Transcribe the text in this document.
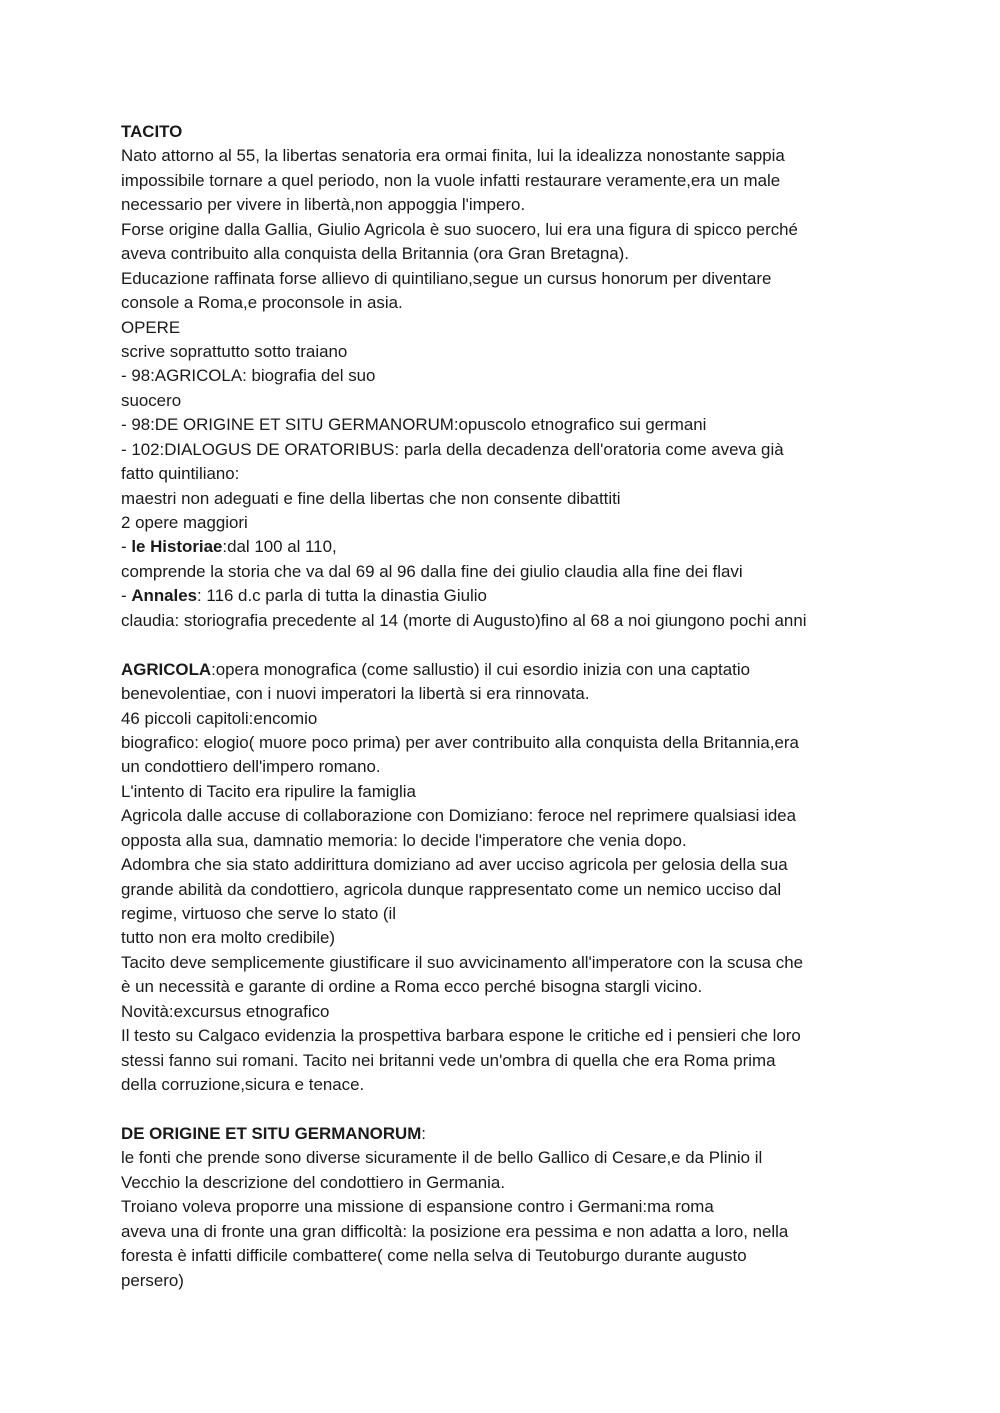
TACITO
Nato attorno al 55, la libertas senatoria era ormai finita, lui la idealizza nonostante sappia
impossibile tornare a quel periodo, non la vuole infatti restaurare veramente,era un male
necessario per vivere in libertà,non appoggia l'impero.
Forse origine dalla Gallia, Giulio Agricola è suo suocero, lui era una figura di spicco perché
aveva contribuito alla conquista della Britannia (ora Gran Bretagna).
Educazione raffinata forse allievo di quintiliano,segue un cursus honorum per diventare
console a Roma,e proconsole in asia.
OPERE
scrive soprattutto sotto traiano
- 98:AGRICOLA: biografia del suo
suocero
- 98:DE ORIGINE ET SITU GERMANORUM:opuscolo etnografico sui germani
- 102:DIALOGUS DE ORATORIBUS: parla della decadenza dell'oratoria come aveva già
fatto quintiliano:
maestri non adeguati e fine della libertas che non consente dibattiti
2 opere maggiori
- le Historiae:dal 100 al 110,
comprende la storia che va dal 69 al 96 dalla fine dei giulio claudia alla fine dei flavi
- Annales: 116 d.c parla di tutta la dinastia Giulio
claudia: storiografia precedente al 14 (morte di Augusto)fino al 68 a noi giungono pochi anni
AGRICOLA:opera monografica (come sallustio) il cui esordio inizia con una captatio
benevolentiae, con i nuovi imperatori la libertà si era rinnovata.
46 piccoli capitoli:encomio
biografico: elogio( muore poco prima) per aver contribuito alla conquista della Britannia,era
un condottiero dell'impero romano.
L'intento di Tacito era ripulire la famiglia
Agricola dalle accuse di collaborazione con Domiziano: feroce nel reprimere qualsiasi idea
opposta alla sua, damnatio memoria: lo decide l'imperatore che venia dopo.
Adombra che sia stato addirittura domiziano ad aver ucciso agricola per gelosia della sua
grande abilità da condottiero, agricola dunque rappresentato come un nemico ucciso dal
regime, virtuoso che serve lo stato (il
tutto non era molto credibile)
Tacito deve semplicemente giustificare il suo avvicinamento all'imperatore con la scusa che
è un necessità e garante di ordine a Roma ecco perché bisogna stargli vicino.
Novità:excursus etnografico
Il testo su Calgaco evidenzia la prospettiva barbara espone le critiche ed i pensieri che loro
stessi fanno sui romani. Tacito nei britanni vede un'ombra di quella che era Roma prima
della corruzione,sicura e tenace.
DE ORIGINE ET SITU GERMANORUM:
le fonti che prende sono diverse sicuramente il de bello Gallico di Cesare,e da Plinio il
Vecchio la descrizione del condottiero in Germania.
Troiano voleva proporre una missione di espansione contro i Germani:ma roma
aveva una di fronte una gran difficoltà: la posizione era pessima e non adatta a loro, nella
foresta è infatti difficile combattere( come nella selva di Teutoburgo durante augusto
persero)
